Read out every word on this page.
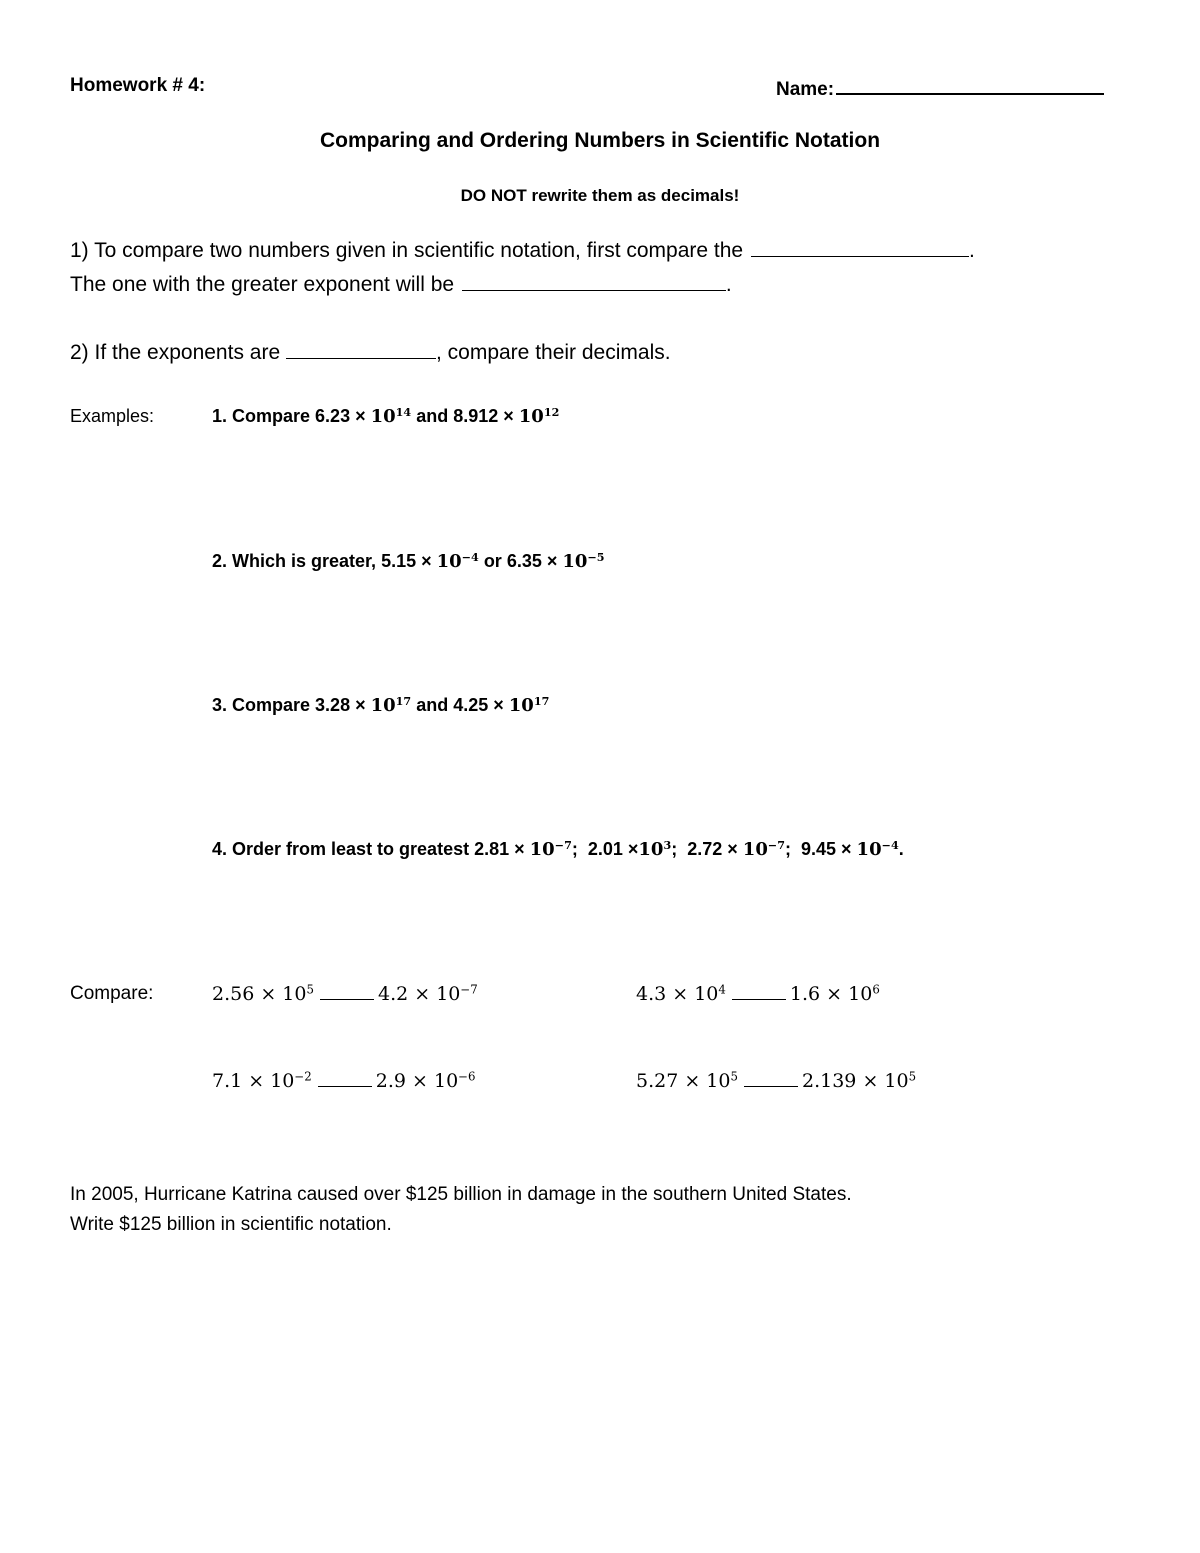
Homework # 4:	Name:
Comparing and Ordering Numbers in Scientific Notation
DO NOT rewrite them as decimals!
1) To compare two numbers given in scientific notation, first compare the	.
The one with the greater exponent will be	.
2) If the exponents are	, compare their decimals.
Examples:	1. Compare $6.23 \times 10^{14}$ and $8.912 \times 10^{12}$
2. Which is greater, $5.15 \times 10^{-4}$ or $6.35 \times 10^{-5}$
3. Compare $3.28 \times 10^{17}$ and $4.25 \times 10^{17}$
4. Order from least to greatest $2.81 \times 10^{-7}$;  $2.01 \times 10^3$;  $2.72 \times 10^{-7}$;  $9.45 \times 10^{-4}$.
Compare:	$2.56 \times 10^5$	$4.2 \times 10^{-7}$	$4.3 \times 10^4$	$1.6 \times 10^6$
$7.1 \times 10^{-2}$	$2.9 \times 10^{-6}$	$5.27 \times 10^5$	$2.139 \times 10^5$
In 2005, Hurricane Katrina caused over $125 billion in damage in the southern United States.
Write $125 billion in scientific notation.
